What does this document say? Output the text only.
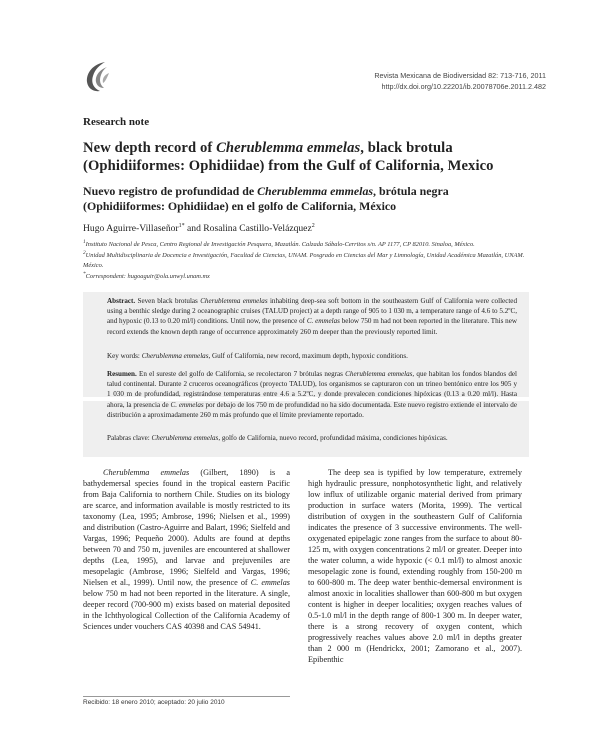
Revista Mexicana de Biodiversidad 82: 713-716, 2011
http://dx.doi.org/10.22201/ib.20078706e.2011.2.482
Research note
New depth record of Cherublemma emmelas, black brotula (Ophidiiformes: Ophidiidae) from the Gulf of California, Mexico
Nuevo registro de profundidad de Cherublemma emmelas, brótula negra (Ophidiiformes: Ophidiidae) en el golfo de California, México
Hugo Aguirre-Villaseñor$^{1*}$ and Rosalina Castillo-Velázquez$^2$
$^1$Instituto Nacional de Pesca, Centro Regional de Investigación Pesquera, Mazatlán. Calzada Sábalo-Cerritos s/n. AP 1177, CP 82010. Sinaloa, México.
$^2$Unidad Multidisciplinaria de Docencia e Investigación, Facultad de Ciencias, UNAM. Posgrado en Ciencias del Mar y Limnología, Unidad Académica Mazatlán, UNAM. México.
*Correspondent: hugoaguir@ola.unwyl.unam.mx
Abstract. Seven black brotulas Cherublemma emmelas inhabiting deep-sea soft bottom in the southeastern Gulf of California were collected using a benthic sledge during 2 oceanographic cruises (TALUD project) at a depth range of 905 to 1 030 m, a temperature range of 4.6 to 5.2ºC, and hypoxic (0.13 to 0.20 ml/l) conditions. Until now, the presence of C. emmelas below 750 m had not been reported in the literature. This new record extends the known depth range of occurrence approximately 260 m deeper than the previously reported limit.
Key words: Cherublemma emmelas, Gulf of California, new record, maximum depth, hypoxic conditions.
Resumen. En el sureste del golfo de California, se recolectaron 7 brótulas negras Cherublemma emmelas, que habitan los fondos blandos del talud continental. Durante 2 cruceros oceanográficos (proyecto TALUD), los organismos se capturaron con un trineo bentónico entre los 905 y 1 030 m de profundidad, registrándose temperaturas entre 4.6 a 5.2ºC, y donde prevalecen condiciones hipóxicas (0.13 a 0.20 ml/l). Hasta ahora, la presencia de C. emmelas por debajo de los 750 m de profundidad no ha sido documentada. Este nuevo registro extiende el intervalo de distribución a aproximadamente 260 m más profundo que el límite previamente reportado.
Palabras clave: Cherublemma emmelas, golfo de California, nuevo record, profundidad máxima, condiciones hipóxicas.

Cherublemma emmelas (Gilbert, 1890) is a bathydemersal species found in the tropical eastern Pacific from Baja California to northern Chile. Studies on its biology are scarce, and information available is mostly restricted to its taxonomy (Lea, 1995; Ambrose, 1996; Nielsen et al., 1999) and distribution (Castro-Aguirre and Balart, 1996; Sielfeld and Vargas, 1996; Pequeño 2000). Adults are found at depths between 70 and 750 m, juveniles are encountered at shallower depths (Lea, 1995), and larvae and prejuveniles are mesopelagic (Ambrose, 1996; Sielfeld and Vargas, 1996; Nielsen et al., 1999). Until now, the presence of C. emmelas below 750 m had not been reported in the literature. A single, deeper record (700-900 m) exists based on material deposited in the Ichthyological Collection of the California Academy of Sciences under vouchers CAS 40398 and CAS 54941.

The deep sea is typified by low temperature, extremely high hydraulic pressure, nonphotosynthetic light, and relatively low influx of utilizable organic material derived from primary production in surface waters (Morita, 1999). The vertical distribution of oxygen in the southeastern Gulf of California indicates the presence of 3 successive environments. The well-oxygenated epipelagic zone ranges from the surface to about 80-125 m, with oxygen concentrations 2 ml/l or greater. Deeper into the water column, a wide hypoxic (< 0.1 ml/l) to almost anoxic mesopelagic zone is found, extending roughly from 150-200 m to 600-800 m. The deep water benthic-demersal environment is almost anoxic in localities shallower than 600-800 m but oxygen content is higher in deeper localities; oxygen reaches values of 0.5-1.0 ml/l in the depth range of 800-1 300 m. In deeper water, there is a strong recovery of oxygen content, which progressively reaches values above 2.0 ml/l in depths greater than 2 000 m (Hendrickx, 2001; Zamorano et al., 2007). Epibenthic

Recibido: 18 enero 2010; aceptado: 20 julio 2010
